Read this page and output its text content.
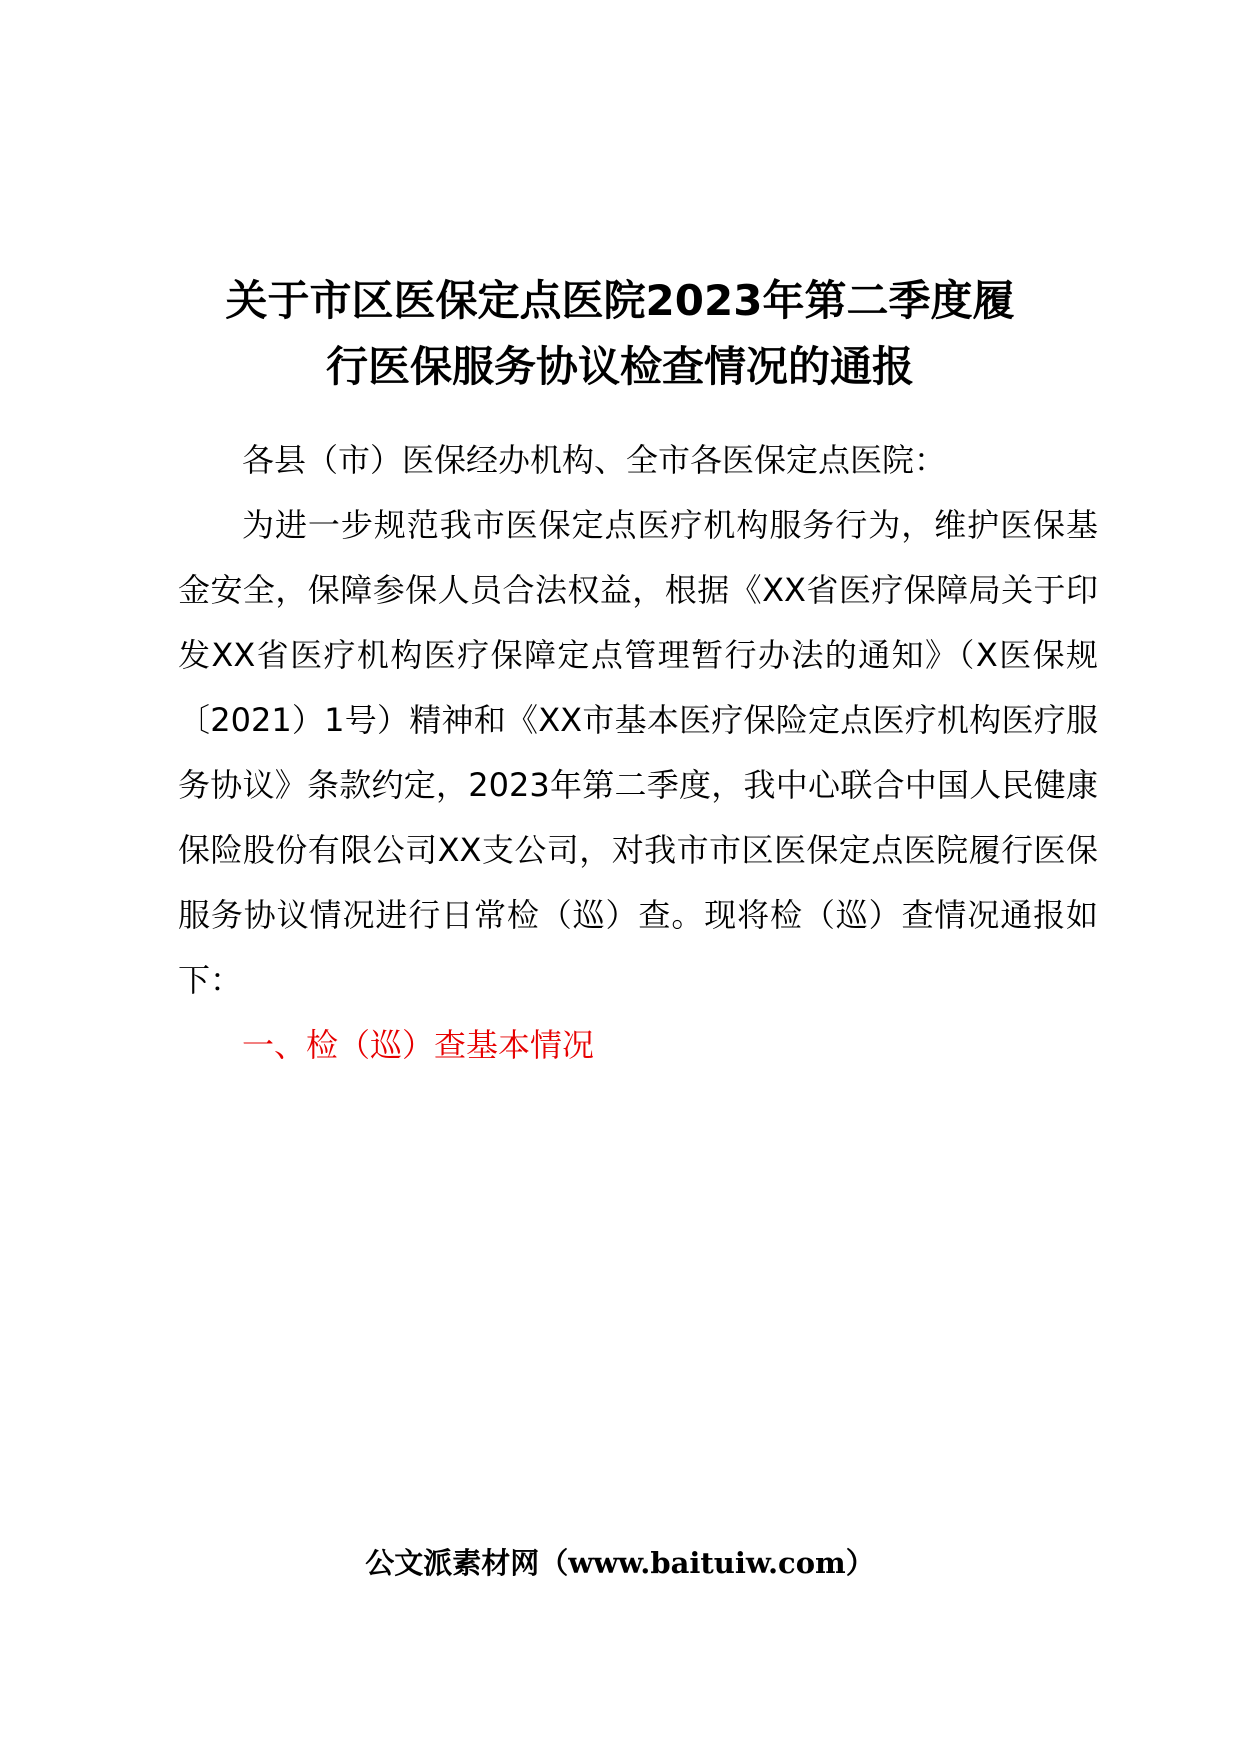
关于市区医保定点医院2023年第二季度履
行医保服务协议检查情况的通报

各县（市）医保经办机构、全市各医保定点医院：

为进一步规范我市医保定点医疗机构服务行为，维护医保基金安全，保障参保人员合法权益，根据《XX省医疗保障局关于印发XX省医疗机构医疗保障定点管理暂行办法的通知》（X医保规〔2021）1号）精神和《XX市基本医疗保险定点医疗机构医疗服务协议》条款约定，2023年第二季度，我中心联合中国人民健康保险股份有限公司XX支公司，对我市市区医保定点医院履行医保服务协议情况进行日常检（巡）查。现将检（巡）查情况通报如下：

一、检（巡）查基本情况

公文派素材网（www.baituiw.com）
